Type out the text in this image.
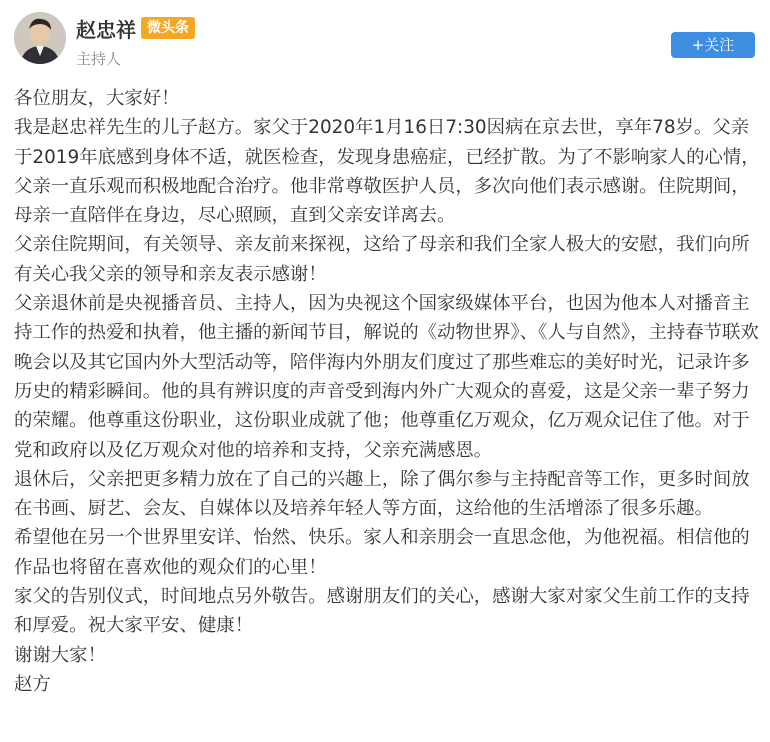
赵忠祥 微头条
主持人
+关注

各位朋友，大家好！

我是赵忠祥先生的儿子赵方。家父于2020年1月16日7:30因病在京去世，享年78岁。父亲于2019年底感到身体不适，就医检查，发现身患癌症，已经扩散。为了不影响家人的心情，父亲一直乐观而积极地配合治疗。他非常尊敬医护人员，多次向他们表示感谢。住院期间，母亲一直陪伴在身边，尽心照顾，直到父亲安详离去。

父亲住院期间，有关领导、亲友前来探视，这给了母亲和我们全家人极大的安慰，我们向所有关心我父亲的领导和亲友表示感谢！

父亲退休前是央视播音员、主持人，因为央视这个国家级媒体平台，也因为他本人对播音主持工作的热爱和执着，他主播的新闻节目，解说的《动物世界》、《人与自然》，主持春节联欢晚会以及其它国内外大型活动等，陪伴海内外朋友们度过了那些难忘的美好时光，记录许多历史的精彩瞬间。他的具有辨识度的声音受到海内外广大观众的喜爱，这是父亲一辈子努力的荣耀。他尊重这份职业，这份职业成就了他；他尊重亿万观众，亿万观众记住了他。对于党和政府以及亿万观众对他的培养和支持，父亲充满感恩。

退休后，父亲把更多精力放在了自己的兴趣上，除了偶尔参与主持配音等工作，更多时间放在书画、厨艺、会友、自媒体以及培养年轻人等方面，这给他的生活增添了很多乐趣。

希望他在另一个世界里安详、怡然、快乐。家人和亲朋会一直思念他，为他祝福。相信他的作品也将留在喜欢他的观众们的心里！

家父的告别仪式，时间地点另外敬告。感谢朋友们的关心，感谢大家对家父生前工作的支持和厚爱。祝大家平安、健康！

谢谢大家！

赵方
